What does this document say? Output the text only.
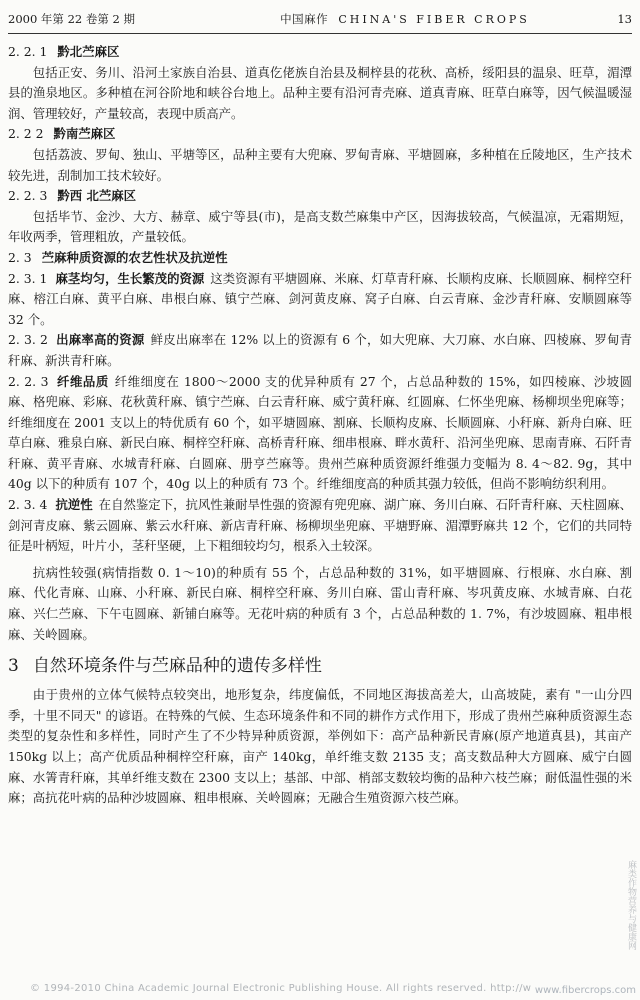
2000 年第 22 卷第 2 期	中国麻作 CHINA'S FIBER CROPS	13

2. 2. 1 黔北苎麻区

包括正安、务川、沿河土家族自治县、道真仡佬族自治县及桐梓县的花秋、高桥，绥阳县的温泉、旺草，湄潭县的渔泉地区。多种植在河谷阶地和峡谷台地上。品种主要有沿河青壳麻、道真青麻、旺草白麻等，因气候温暖湿润、管理较好，产量较高，表现中质高产。

2. 2 2 黔南苎麻区

包括荔波、罗甸、独山、平塘等区，品种主要有大兜麻、罗甸青麻、平塘圆麻，多种植在丘陵地区，生产技术较先进，刮制加工技术较好。

2. 2. 3 黔西 北苎麻区

包括毕节、金沙、大方、赫章、威宁等县(市)，是高支数苎麻集中产区，因海拔较高，气候温凉，无霜期短，年收两季，管理粗放，产量较低。

2. 3 苎麻种质资源的农艺性状及抗逆性

2. 3. 1 麻茎均匀，生长繁茂的资源 这类资源有平塘圆麻、米麻、灯草青秆麻、长顺构皮麻、长顺圆麻、桐梓空秆麻、榕江白麻、黄平白麻、串根白麻、镇宁苎麻、剑河黄皮麻、窝子白麻、白云青麻、金沙青秆麻、安顺圆麻等 32 个。

2. 3. 2 出麻率高的资源 鲜皮出麻率在 12% 以上的资源有 6 个，如大兜麻、大刀麻、水白麻、四棱麻、罗甸青秆麻、新洪青秆麻。

2. 2. 3 纤维品质 纤维细度在 1800～2000 支的优异种质有 27 个，占总品种数的 15%，如四棱麻、沙坡圆麻、格兜麻、彩麻、花秋黄秆麻、镇宁苎麻、白云青秆麻、威宁黄秆麻、红圆麻、仁怀坐兜麻、杨柳坝坐兜麻等；纤维细度在 2001 支以上的特优质有 60 个，如平塘圆麻、割麻、长顺构皮麻、长顺圆麻、小秆麻、新舟白麻、旺草白麻、雅泉白麻、新民白麻、桐梓空秆麻、高桥青秆麻、细串根麻、畔水黄秆、沿河坐兜麻、思南青麻、石阡青秆麻、黄平青麻、水城青秆麻、白圆麻、册亨苎麻等。贵州苎麻种质资源纤维强力变幅为 8. 4～82. 9g，其中 40g 以下的种质有 107 个，40g 以上的种质有 73 个。纤维细度高的种质其强力较低，但尚不影响纺织利用。

2. 3. 4 抗逆性 在自然鉴定下，抗风性兼耐旱性强的资源有兜兜麻、湖广麻、务川白麻、石阡青秆麻、天柱圆麻、剑河青皮麻、紫云圆麻、紫云水秆麻、新店青秆麻、杨柳坝坐兜麻、平塘野麻、湄潭野麻共 12 个，它们的共同特征是叶柄短，叶片小，茎秆坚硬，上下粗细较均匀，根系入土较深。

抗病性较强(病情指数 0. 1～10)的种质有 55 个，占总品种数的 31%，如平塘圆麻、行根麻、水白麻、割麻、代化青麻、山麻、小秆麻、新民白麻、桐梓空秆麻、务川白麻、雷山青秆麻、岑巩黄皮麻、水城青麻、白花麻、兴仁苎麻、下午屯圆麻、新铺白麻等。无花叶病的种质有 3 个，占总品种数的 1. 7%，有沙坡圆麻、粗串根麻、关岭圆麻。

3 自然环境条件与苎麻品种的遗传多样性

由于贵州的立体气候特点较突出，地形复杂，纬度偏低，不同地区海拔高差大，山高坡陡，素有 "一山分四季，十里不同天" 的谚语。在特殊的气候、生态环境条件和不同的耕作方式作用下，形成了贵州苎麻种质资源生态类型的复杂性和多样性，同时产生了不少特异种质资源，举例如下：高产品种新民青麻(原产地道真县)，其亩产 150kg 以上；高产优质品种桐梓空秆麻，亩产 140kg，单纤维支数 2135 支；高支数品种大方圆麻、威宁白圆麻、水箐青秆麻，其单纤维支数在 2300 支以上；基部、中部、梢部支数较均衡的品种六枝苎麻；耐低温性强的米麻；高抗花叶病的品种沙坡圆麻、粗串根麻、关岭圆麻；无融合生殖资源六枝苎麻。

© 1994-2010 China Academic Journal Electronic Publishing House. All rights reserved. http://w www.fibercrops.com
麻类作物营养与健康网
